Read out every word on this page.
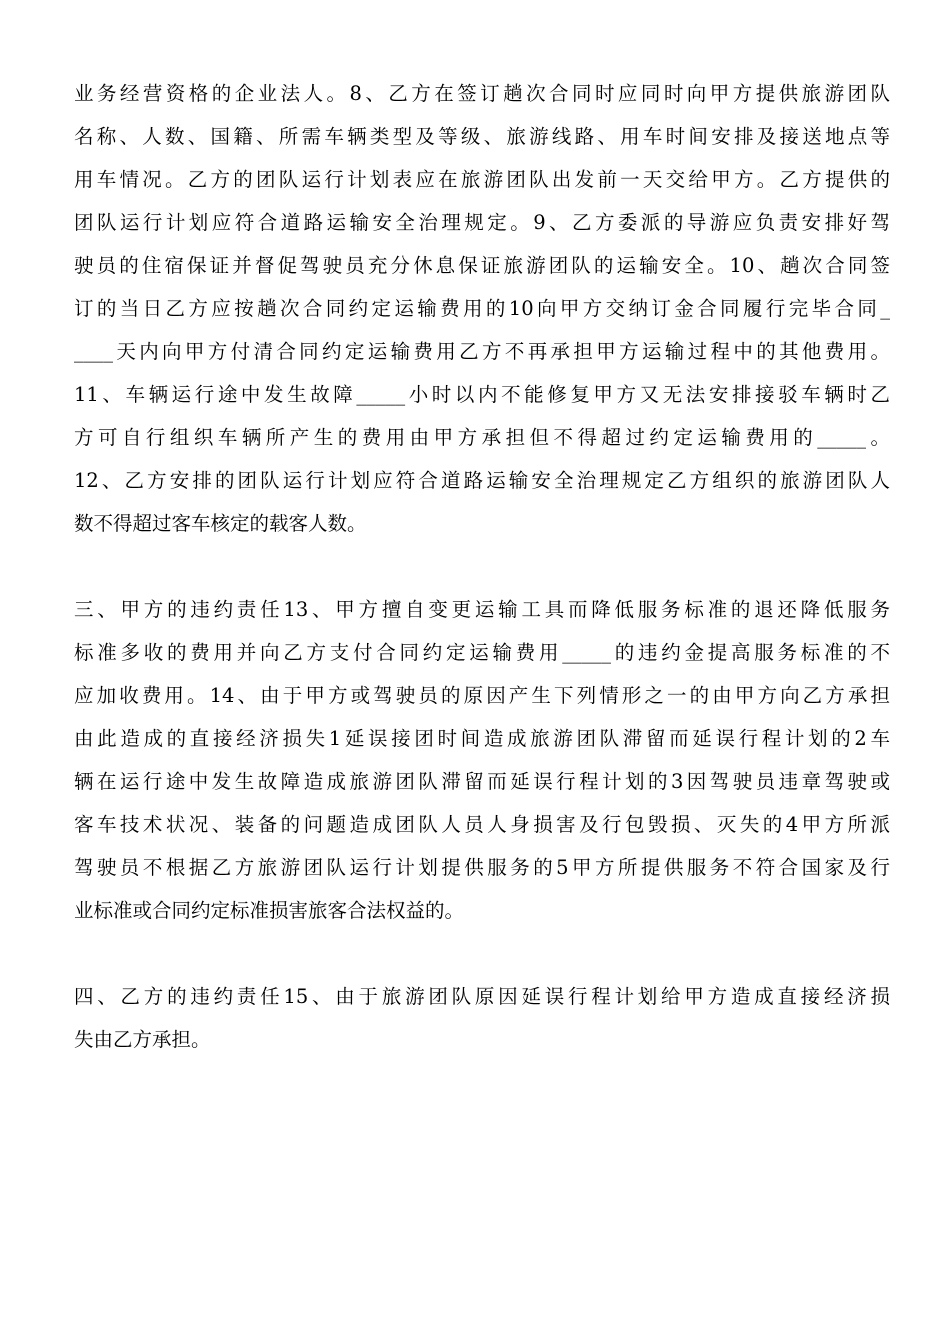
业务经营资格的企业法人。8、乙方在签订趟次合同时应同时向甲方提供旅游团队
名称、人数、国籍、所需车辆类型及等级、旅游线路、用车时间安排及接送地点等
用车情况。乙方的团队运行计划表应在旅游团队出发前一天交给甲方。乙方提供的
团队运行计划应符合道路运输安全治理规定。9、乙方委派的导游应负责安排好驾
驶员的住宿保证并督促驾驶员充分休息保证旅游团队的运输安全。10、趟次合同签
订的当日乙方应按趟次合同约定运输费用的10向甲方交纳订金合同履行完毕合同_
____天内向甲方付清合同约定运输费用乙方不再承担甲方运输过程中的其他费用。
11、车辆运行途中发生故障_____小时以内不能修复甲方又无法安排接驳车辆时乙
方可自行组织车辆所产生的费用由甲方承担但不得超过约定运输费用的_____。
12、乙方安排的团队运行计划应符合道路运输安全治理规定乙方组织的旅游团队人
数不得超过客车核定的载客人数。
三、甲方的违约责任13、甲方擅自变更运输工具而降低服务标准的退还降低服务
标准多收的费用并向乙方支付合同约定运输费用_____的违约金提高服务标准的不
应加收费用。14、由于甲方或驾驶员的原因产生下列情形之一的由甲方向乙方承担
由此造成的直接经济损失1延误接团时间造成旅游团队滞留而延误行程计划的2车
辆在运行途中发生故障造成旅游团队滞留而延误行程计划的3因驾驶员违章驾驶或
客车技术状况、装备的问题造成团队人员人身损害及行包毁损、灭失的4甲方所派
驾驶员不根据乙方旅游团队运行计划提供服务的5甲方所提供服务不符合国家及行
业标准或合同约定标准损害旅客合法权益的。
四、乙方的违约责任15、由于旅游团队原因延误行程计划给甲方造成直接经济损
失由乙方承担。
